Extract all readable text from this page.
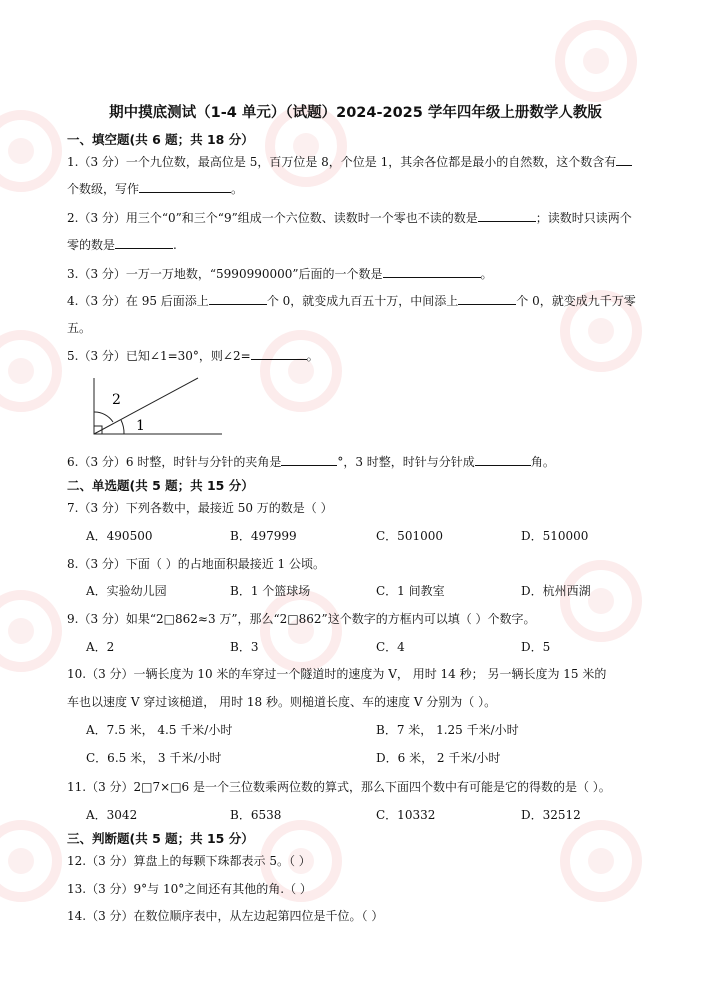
期中摸底测试（1-4 单元）（试题）2024-2025 学年四年级上册数学人教版
一、填空题(共 6 题；共 18 分）
1.（3 分）一个九位数，最高位是 5，百万位是 8，个位是 1，其余各位都是最小的自然数，这个数含有
个数级，写作	。
2.（3 分）用三个“0”和三个“9”组成一个六位数、读数时一个零也不读的数是	；读数时只读两个
零的数是	.
3.（3 分）一万一万地数，“5990990000”后面的一个数是	。
4.（3 分）在 95 后面添上	个 0，就变成九百五十万，中间添上	个 0，就变成九千万零
五。
5.（3 分）已知∠1=30°，则∠2=	。
2
1
6.（3 分）6 时整，时针与分针的夹角是	°，3 时整，时针与分针成	角。
二、单选题(共 5 题；共 15 分）
7.（3 分）下列各数中，最接近 50 万的数是（ ）
A．490500	B．497999	C．501000	D．510000
8.（3 分）下面（ ）的占地面积最接近 1 公顷。
A．实验幼儿园	B．1 个篮球场	C．1 间教室	D．杭州西湖
9.（3 分）如果“2□862≈3 万”，那么“2□862”这个数字的方框内可以填（ ）个数字。
A．2	B．3	C．4	D．5
10.（3 分）一辆长度为 10 米的车穿过一个隧道时的速度为 V， 用时 14 秒； 另一辆长度为 15 米的
车也以速度 V 穿过该槌道， 用时 18 秒。则槌道长度、车的速度 V 分别为（ ）。
A．7.5 米， 4.5 千米/小时	B．7 米， 1.25 千米/小时
C．6.5 米， 3 千米/小时	D．6 米， 2 千米/小时
11.（3 分）2□7×□6 是一个三位数乘两位数的算式，那么下面四个数中有可能是它的得数的是（ ）。
A．3042	B．6538	C．10332	D．32512
三、判断题(共 5 题；共 15 分）
12.（3 分）算盘上的每颗下珠都表示 5。（ ）
13.（3 分）9°与 10°之间还有其他的角.（ ）
14.（3 分）在数位顺序表中，从左边起第四位是千位。（ ）
